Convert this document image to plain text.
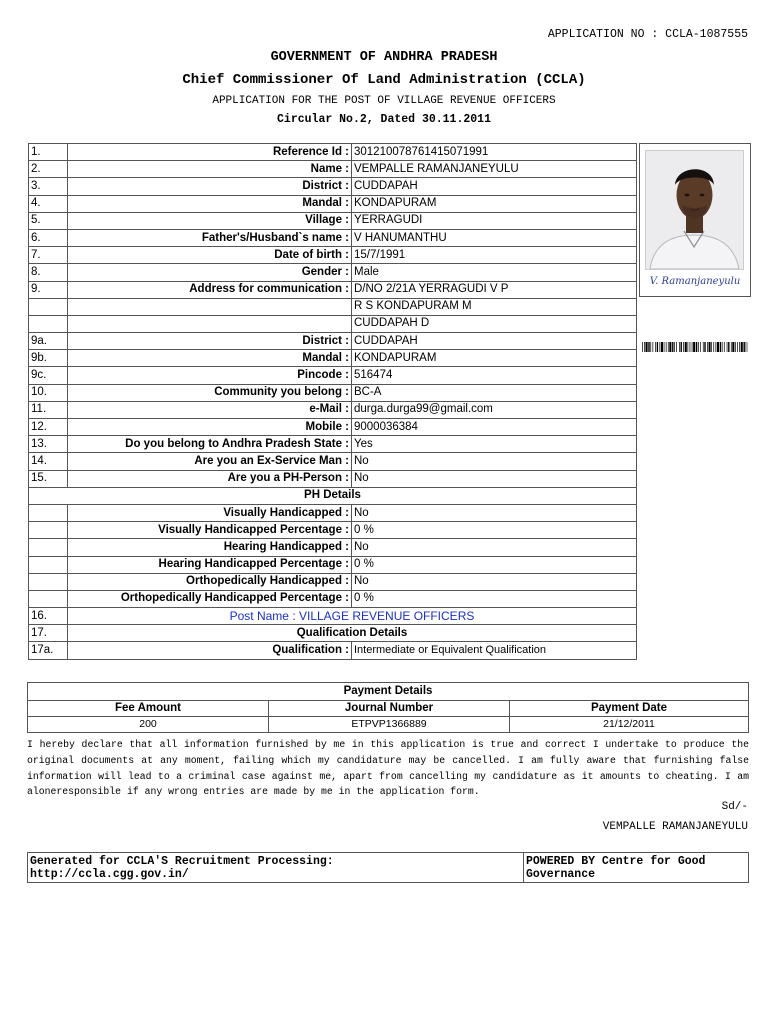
APPLICATION NO : CCLA-1087555
GOVERNMENT OF ANDHRA PRADESH
Chief Commissioner Of Land Administration (CCLA)
APPLICATION FOR THE POST OF VILLAGE REVENUE OFFICERS
Circular No.2, Dated 30.11.2011
1.	Reference Id :	301210078761415071991
2.	Name :	VEMPALLE RAMANJANEYULU
3.	District :	CUDDAPAH
4.	Mandal :	KONDAPURAM
5.	Village :	YERRAGUDI
6.	Father's/Husband`s name :	V HANUMANTHU
7.	Date of birth :	15/7/1991
8.	Gender :	Male
9.	Address for communication :	D/NO 2/21A YERRAGUDI V P
		R S KONDAPURAM M
		CUDDAPAH D
9a.	District :	CUDDAPAH
9b.	Mandal :	KONDAPURAM
9c.	Pincode :	516474
10.	Community you belong :	BC-A
11.	e-Mail :	durga.durga99@gmail.com
12.	Mobile :	9000036384
13.	Do you belong to Andhra Pradesh State :	Yes
14.	Are you an Ex-Service Man :	No
15.	Are you a PH-Person :	No
PH Details		
	Visually Handicapped :	No
	Visually Handicapped Percentage :	0 %
	Hearing Handicapped :	No
	Hearing Handicapped Percentage :	0 %
	Orthopedically Handicapped :	No
	Orthopedically Handicapped Percentage :	0 %
16.	Post Name : VILLAGE REVENUE OFFICERS	
17.	Qualification Details	
17a.	Qualification :	Intermediate or Equivalent Qualification
V. Ramanjaneyulu
Payment Details		
Fee Amount	Journal Number	Payment Date
200	ETPVP1366889	21/12/2011
I hereby declare that all information furnished by me in this application is true and correct I undertake to produce the original documents at any moment, failing which my candidature may be cancelled. I am fully aware that furnishing false information will lead to a criminal case against me, apart from cancelling my candidature as it amounts to cheating. I am aloneresponsible if any wrong entries are made by me in the application form.
Sd/-
VEMPALLE RAMANJANEYULU
Generated for CCLA'S Recruitment Processing:
http://ccla.cgg.gov.in/
	POWERED BY Centre for Good Governance
